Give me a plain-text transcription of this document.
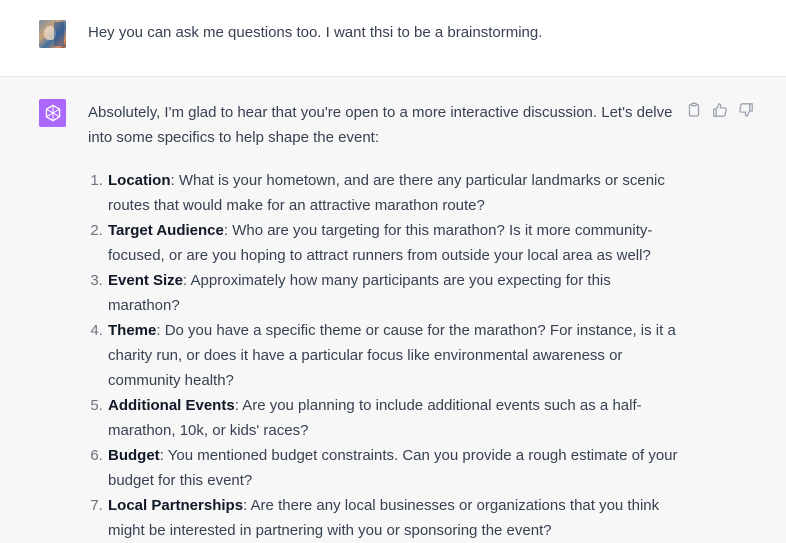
Hey you can ask me questions too. I want thsi to be a brainstorming.

Absolutely, I'm glad to hear that you're open to a more interactive discussion. Let's delve into some specifics to help shape the event:

1. Location: What is your hometown, and are there any particular landmarks or scenic routes that would make for an attractive marathon route?
2. Target Audience: Who are you targeting for this marathon? Is it more community-focused, or are you hoping to attract runners from outside your local area as well?
3. Event Size: Approximately how many participants are you expecting for this marathon?
4. Theme: Do you have a specific theme or cause for the marathon? For instance, is it a charity run, or does it have a particular focus like environmental awareness or community health?
5. Additional Events: Are you planning to include additional events such as a half-marathon, 10k, or kids' races?
6. Budget: You mentioned budget constraints. Can you provide a rough estimate of your budget for this event?
7. Local Partnerships: Are there any local businesses or organizations that you think might be interested in partnering with you or sponsoring the event?
